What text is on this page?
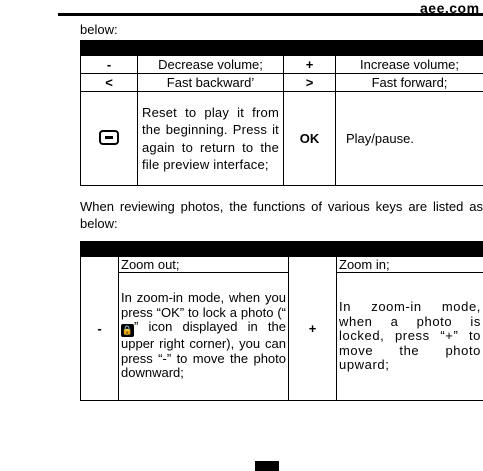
aee.com
below:

-	Decrease volume;	+	Increase volume;
<	Fast backward’	>	Fast forward;
	Reset to play it from the beginning. Press it again to return to the file preview interface;	OK	Play/pause.
When reviewing photos, the functions of various keys are listed as below:

-	Zoom out;	+	Zoom in;
	In zoom-in mode, when you press “OK” to lock a photo (“🔒” icon displayed in the upper right corner), you can press “-” to move the photo downward;		In zoom-in mode, when a photo is locked, press “+” to move the photo upward;
